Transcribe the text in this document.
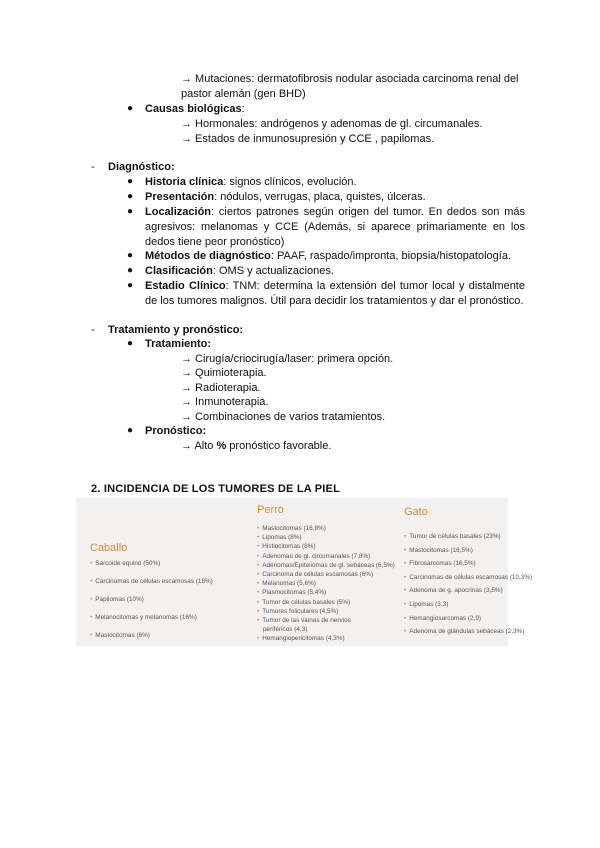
→ Mutaciones: dermatofibrosis nodular asociada carcinoma renal del
pastor alemán (gen BHD)
● Causas biológicas:
→ Hormonales: andrógenos y adenomas de gl. circumanales.
→ Estados de inmunosupresión y CCE , papilomas.
- Diagnóstico:
● Historia clínica: signos clínicos, evolución.
● Presentación: nódulos, verrugas, placa, quistes, úlceras.
● Localización: ciertos patrones según origen del tumor. En dedos son más agresivos: melanomas y CCE (Además, si aparece primariamente en los dedos tiene peor pronóstico)
● Métodos de diagnóstico: PAAF, raspado/impronta, biopsia/histopatología.
● Clasificación: OMS y actualizaciones.
● Estadio Clínico: TNM: determina la extensión del tumor local y distalmente de los tumores malignos. Útil para decidir los tratamientos y dar el pronóstico.
- Tratamiento y pronóstico:
● Tratamiento:
→ Cirugía/criocirugía/laser: primera opción.
→ Quimioterapia.
→ Radioterapia.
→ Inmunoterapia.
→ Combinaciones de varios tratamientos.
● Pronóstico:
→ Alto % pronóstico favorable.
2. INCIDENCIA DE LOS TUMORES DE LA PIEL
Caballo
• Sarcoide equino (50%)
• Carcinomas de células escamosas (18%)
• Papilomas (10%)
• Melanocitomas y melanomas (16%)
Perro	Gato
• Mastocitomas (6%)
• Mastocitomas (16,8%)
• Lipomas (8%)
• Histiocitomas (8%)
• Adenomas de gl. circumanales (7,8%)
• Adenomas/Epiteliomas de gl. sebáceas (6,5%)
• Carcinoma de células escamosas (6%)
• Melanomas (5,6%)
• Plasmocitomas (5,4%)
• Tumor de células basales (5%)
• Tumores foliculares (4,5%)
• Tumor de las vainas de nervios
periféricos (4,3)
• Hemangiopericitomas (4,3%)
• Tumor de células basales (23%)
• Mastocitomas (16,5%)
• Fibrosarcomas (16,5%)
• Carcinomas de células escamosas (10,3%)
• Adenoma de g. apocrinas (3,5%)
• Lipomas (3,3)
• Hemangiosarcomas (2,9)
• Adenoma de glándulas sebáceas (2,3%)
